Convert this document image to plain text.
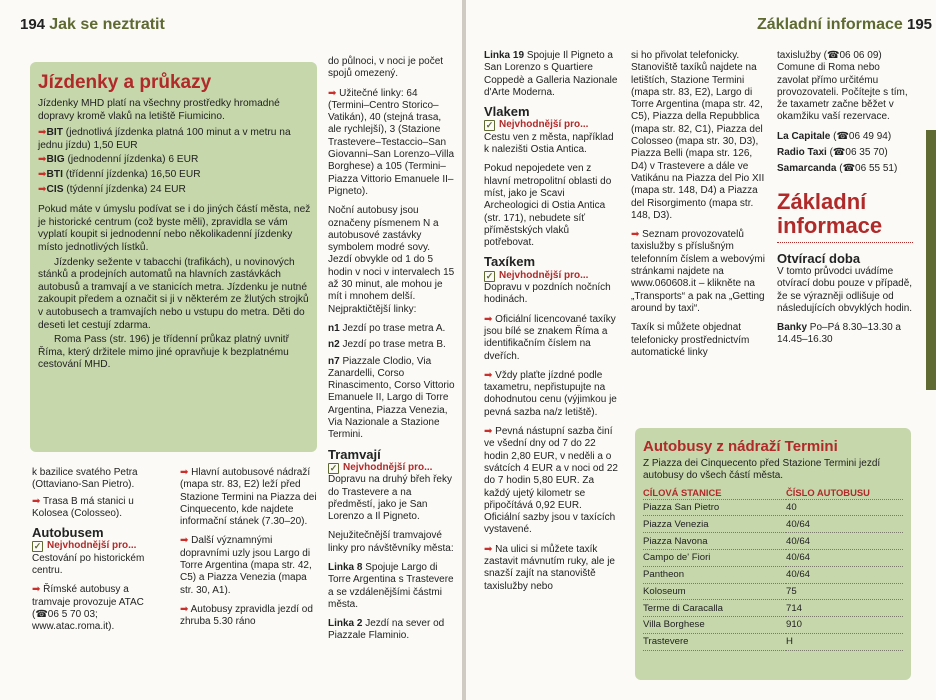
194 Jak se neztratit
Jízdenky a průkazy

Jízdenky MHD platí na všechny prostředky hromadné dopravy kromě vlaků na letiště Fiumicino.

➡BIT (jednotlivá jízdenka platná 100 minut a v metru na jednu jízdu) 1,50 EUR

➡BIG (jednodenní jízdenka) 6 EUR

➡BTI (třídenní jízdenka) 16,50 EUR

➡CIS (týdenní jízdenka) 24 EUR

Pokud máte v úmyslu podívat se i do jiných částí města, než je historické centrum (což byste měli), zpravidla se vám vyplatí koupit si jednodenní nebo několikadenní jízdenky místo jednotlivých lístků.

Jízdenky sežente v tabacchi (trafikách), u novinových stánků a prodejních automatů na hlavních zastávkách autobusů a tramvají a ve stanicích metra. Jízdenku je nutné zakoupit předem a označit si ji v některém ze žlutých strojků v autobusech a tramvajích nebo u vstupu do metra. Děti do deseti let cestují zdarma.

Roma Pass (str. 196) je třídenní průkaz platný uvnitř Říma, který držitele mimo jiné opravňuje k bezplatnému cestování MHD.

k bazilice svatého Petra (Ottaviano-San Pietro).

➡ Trasa B má stanici u Kolosea (Colosseo).

Autobusem
✓ Nejvhodnější pro...

Cestování po historickém centru.

➡ Římské autobusy a tramvaje provozuje ATAC (☎06 5 70 03; www.atac.roma.it).

➡ Hlavní autobusové nádraží (mapa str. 83, E2) leží před Stazione Termini na Piazza dei Cinquecento, kde najdete informační stánek (7.30–20).

➡ Další významnými dopravními uzly jsou Largo di Torre Argentina (mapa str. 42, C5) a Piazza Venezia (mapa str. 30, A1).

➡ Autobusy zpravidla jezdí od zhruba 5.30 ráno

do půlnoci, v noci je počet spojů omezený.

➡ Užitečné linky: 64 (Termini–Centro Storico–Vatikán), 40 (stejná trasa, ale rychlejší), 3 (Stazione Trastevere–Testaccio–San Giovanni–San Lorenzo–Villa Borghese) a 105 (Termini–Piazza Vittorio Emanuele II–Pigneto).

Noční autobusy jsou označeny písmenem N a autobusové zastávky symbolem modré sovy. Jezdí obvykle od 1 do 5 hodin v noci v intervalech 15 až 30 minut, ale mohou je mít i mnohem delší. Nejpraktičtější linky:

n1 Jezdí po trase metra A.

n2 Jezdí po trase metra B.

n7 Piazzale Clodio, Via Zanardelli, Corso Rinascimento, Corso Vittorio Emanuele II, Largo di Torre Argentina, Piazza Venezia, Via Nazionale a Stazione Termini.

Tramvají
✓ Nejvhodnější pro...

Dopravu na druhý břeh řeky do Trastevere a na předměstí, jako je San Lorenzo a Il Pigneto.

Nejužitečnější tramvajové linky pro návštěvníky města:

Linka 8 Spojuje Largo di Torre Argentina s Trastevere a se vzdálenějšími částmi města.

Linka 2 Jezdí na sever od Piazzale Flaminio.

Základní informace 195

Linka 19 Spojuje Il Pigneto a San Lorenzo s Quartiere Coppedè a Galleria Nazionale d'Arte Moderna.

Vlakem
✓ Nejvhodnější pro...

Cestu ven z města, například k nalezišti Ostia Antica.

Pokud nepojedete ven z hlavní metropolitní oblasti do míst, jako je Scavi Archeologici di Ostia Antica (str. 171), nebudete síť příměstských vlaků potřebovat.

Taxíkem
✓ Nejvhodnější pro...

Dopravu v pozdních nočních hodinách.

➡ Oficiální licencované taxíky jsou bílé se znakem Říma a identifikačním číslem na dveřích.

➡ Vždy plaťte jízdné podle taxametru, nepřistupujte na dohodnutou cenu (výjimkou je pevná sazba na/z letiště).

➡ Pevná nástupní sazba činí ve všední dny od 7 do 22 hodin 2,80 EUR, v neděli a o svátcích 4 EUR a v noci od 22 do 7 hodin 5,80 EUR. Za každý ujetý kilometr se připočítává 0,92 EUR. Oficiální sazby jsou v taxících vystavené.

➡ Na ulici si můžete taxík zastavit mávnutím ruky, ale je snazší zajít na stanoviště taxislužby nebo

si ho přivolat telefonicky. Stanoviště taxíků najdete na letištích, Stazione Termini (mapa str. 83, E2), Largo di Torre Argentina (mapa str. 42, C5), Piazza della Repubblica (mapa str. 82, C1), Piazza del Colosseo (mapa str. 30, D3), Piazza Belli (mapa str. 126, D4) v Trastevere a dále ve Vatikánu na Piazza del Pio XII (mapa str. 148, D4) a Piazza del Risorgimento (mapa str. 148, D3).

➡ Seznam provozovatelů taxislužby s příslušným telefonním číslem a webovými stránkami najdete na www.060608.it – klikněte na „Transports“ a pak na „Getting around by taxi“.

Taxík si můžete objednat telefonicky prostřednictvím automatické linky

taxislužby (☎06 06 09) Comune di Roma nebo zavolat přímo určitému provozovateli. Počítejte s tím, že taxametr začne běžet v okamžiku vaší rezervace.

La Capitale (☎06 49 94)

Radio Taxi (☎06 35 70)

Samarcanda (☎06 55 51)

Základní informace
Otvírací doba

V tomto průvodci uvádíme otvírací dobu pouze v případě, že se výrazněji odlišuje od následujících obvyklých hodin.

Banky Po–Pá 8.30–13.30 a 14.45–16.30

Autobusy z nádraží Termini

Z Piazza dei Cinquecento před Stazione Termini jezdí autobusy do všech částí města.

CÍLOVÁ STANICE	ČÍSLO AUTOBUSU
Piazza San Pietro	40
Piazza Venezia	40/64
Piazza Navona	40/64
Campo de' Fiori	40/64
Pantheon	40/64
Koloseum	75
Terme di Caracalla	714
Villa Borghese	910
Trastevere	H
